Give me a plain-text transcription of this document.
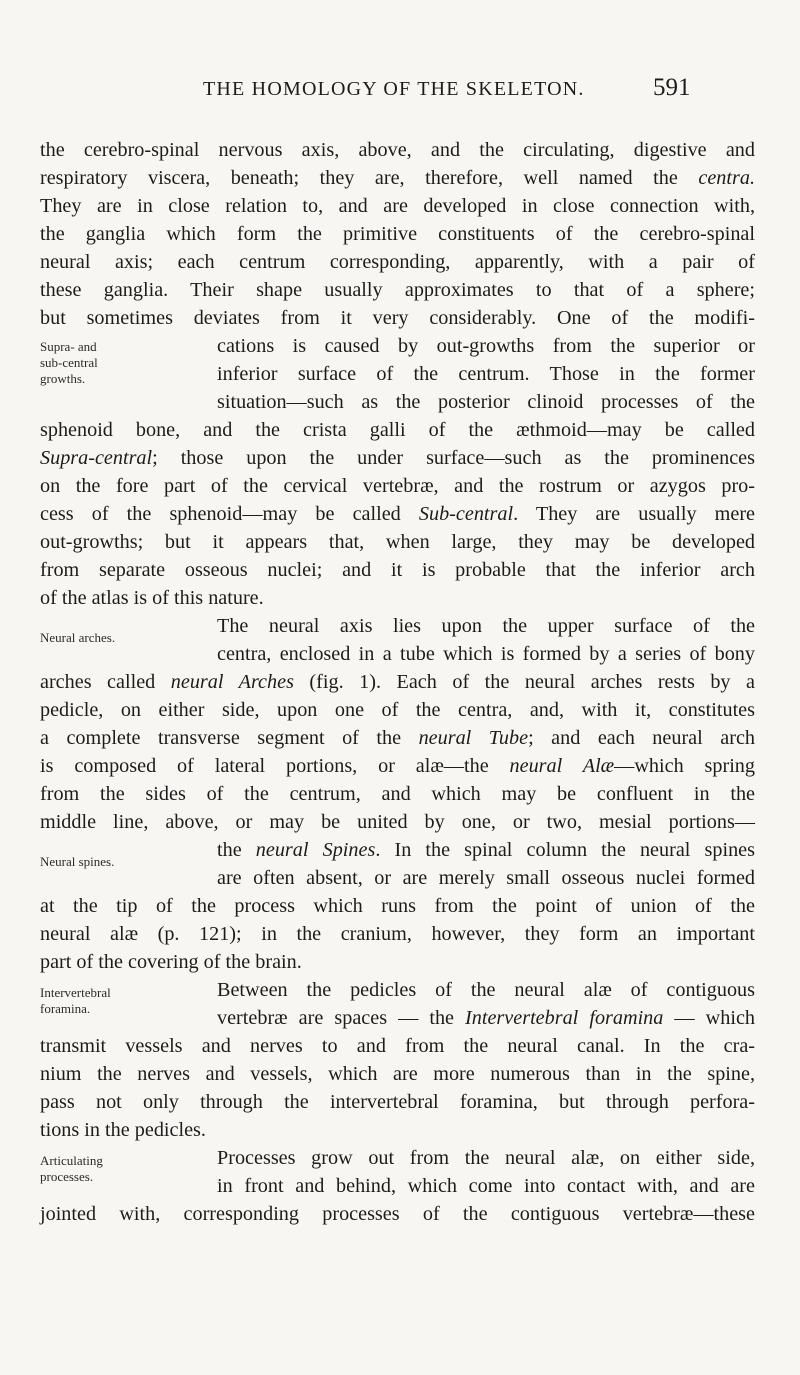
THE HOMOLOGY OF THE SKELETON.	591
the cerebro-spinal nervous axis, above, and the circulating, digestive and
respiratory viscera, beneath; they are, therefore, well named the centra.
They are in close relation to, and are developed in close connection with,
the ganglia which form the primitive constituents of the cerebro-spinal
neural axis; each centrum corresponding, apparently, with a pair of
these ganglia. Their shape usually approximates to that of a sphere;
but sometimes deviates from it very considerably. One of the modifi-
Supra- and
sub-central
growths.
cations is caused by out-growths from the superior or
inferior surface of the centrum. Those in the former
situation—such as the posterior clinoid processes of the
sphenoid bone, and the crista galli of the æthmoid—may be called
Supra-central; those upon the under surface—such as the prominences
on the fore part of the cervical vertebræ, and the rostrum or azygos pro-
cess of the sphenoid—may be called Sub-central. They are usually mere
out-growths; but it appears that, when large, they may be developed
from separate osseous nuclei; and it is probable that the inferior arch
of the atlas is of this nature.
Neural arches.
The neural axis lies upon the upper surface of the
centra, enclosed in a tube which is formed by a series of bony
arches called neural Arches (fig. 1). Each of the neural arches rests by a
pedicle, on either side, upon one of the centra, and, with it, constitutes
a complete transverse segment of the neural Tube; and each neural arch
is composed of lateral portions, or alæ—the neural Alæ—which spring
from the sides of the centrum, and which may be confluent in the
middle line, above, or may be united by one, or two, mesial portions—
Neural spines.
the neural Spines. In the spinal column the neural spines
are often absent, or are merely small osseous nuclei formed
at the tip of the process which runs from the point of union of the
neural alæ (p. 121); in the cranium, however, they form an important
part of the covering of the brain.
Intervertebral
foramina.
Between the pedicles of the neural alæ of contiguous
vertebræ are spaces — the Intervertebral foramina — which
transmit vessels and nerves to and from the neural canal. In the cra-
nium the nerves and vessels, which are more numerous than in the spine,
pass not only through the intervertebral foramina, but through perfora-
tions in the pedicles.
Articulating
processes.
Processes grow out from the neural alæ, on either side,
in front and behind, which come into contact with, and are
jointed with, corresponding processes of the contiguous vertebræ—these
